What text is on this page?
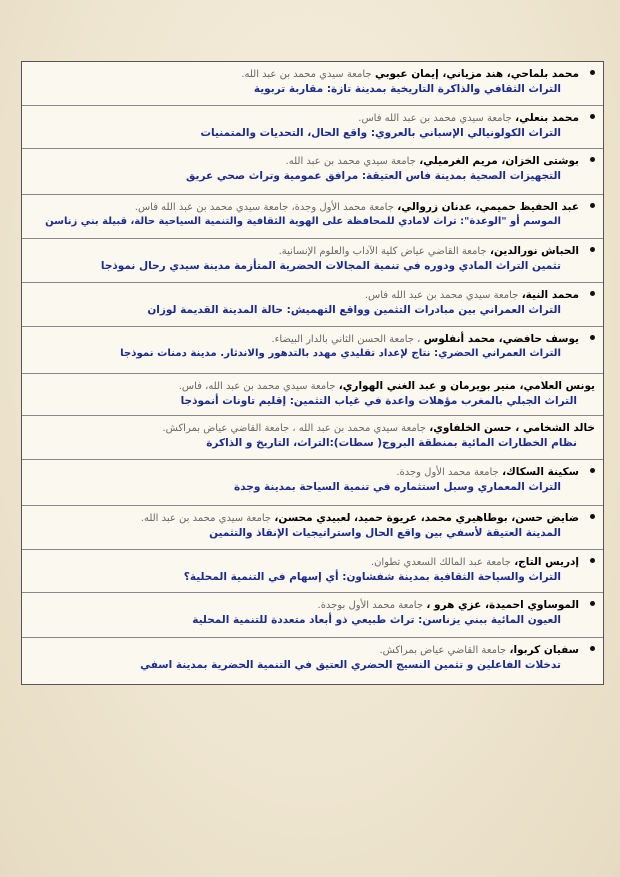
محمد بلماحي، هند مزياني، إيمان عبوبي جامعة سيدي محمد بن عبد الله.
التراث الثقافي والذاكرة التاريخية بمدينة تازة: مقاربة تربوية
محمد بنعلي، جامعة سيدي محمد بن عبد الله فاس.
التراث الكولونيالي الإسباني بالعروي: واقع الحال، التحديات والمتمنيات
بوشتى الخزان، مريم الغرميلي، جامعة سيدي محمد بن عبد الله.
التجهيزات الصحية بمدينة فاس العتيقة: مرافق عمومية وتراث صحي عريق
عبد الحفيظ حميمي، عدنان زروالي، جامعة محمد الأول وجدة، جامعة سيدي محمد بن عبد الله فاس.
الموسم أو "الوعدة": تراث لامادي للمحافظة على الهوية الثقافية والتنمية السياحية حالة، قبيلة بني زناسن
الحباش نورالدين، جامعة القاضي عياض كلية الآداب والعلوم الإنسانية.
تثمين التراث المادي ودوره في تنمية المجالات الحضرية المتأزمة مدينة سيدي رحال نموذجا
محمد النية، جامعة سيدي محمد بن عبد الله فاس.
التراث العمراني بين مبادرات التثمين وواقع التهميش: حالة المدينة القديمة لوزان
يوسف حافضي، محمد أنفلوس ، جامعة الحسن الثاني بالدار البيضاء.
التراث العمراني الحضري: نتاج لإعداد تقليدي مهدد بالتدهور والاندثار. مدينة دمنات نموذجا
يونس العلامي، منير بويرمان و عبد الغني الهواري، جامعة سيدي محمد بن عبد الله، فاس.
التراث الجبلي بالمغرب مؤهلات واعدة في غياب التثمين: إقليم تاونات أنموذجا
خالد الشخامي ، حسن الخلفاوي، جامعة سيدي محمد بن عبد الله ، جامعة القاضي عياض بمراكش.
نظام الخطارات المائية بمنطقة البروج( سطات):التراث، التاريخ و الذاكرة
سكينة السكاك، جامعة محمد الأول وجدة.
التراث المعماري وسبل استثماره في تنمية السياحة بمدينة وجدة
ضايض حسن، بوطاهيري محمد، عريوة حميد، لعبيدي محسن، جامعة سيدي محمد بن عبد الله.
المدينة العتيقة لأسفي بين واقع الحال واستراتيجيات الإنقاذ والتثمين
إدريس التاج، جامعة عبد المالك السعدي تطوان.
التراث والسياحة الثقافية بمدينة شفشاون: أي إسهام في التنمية المحلية؟
الموساوي احميدة، عزي هرو ، جامعة محمد الأول بوجدة.
العيون المائية ببني يزناسن: تراث طبيعي ذو أبعاد متعددة للتنمية المحلية
سفيان كربوا، جامعة القاضي عياض بمراكش.
تدخلات الفاعلين و تثمين النسيج الحضري العتيق في التنمية الحضرية بمدينة اسفي
